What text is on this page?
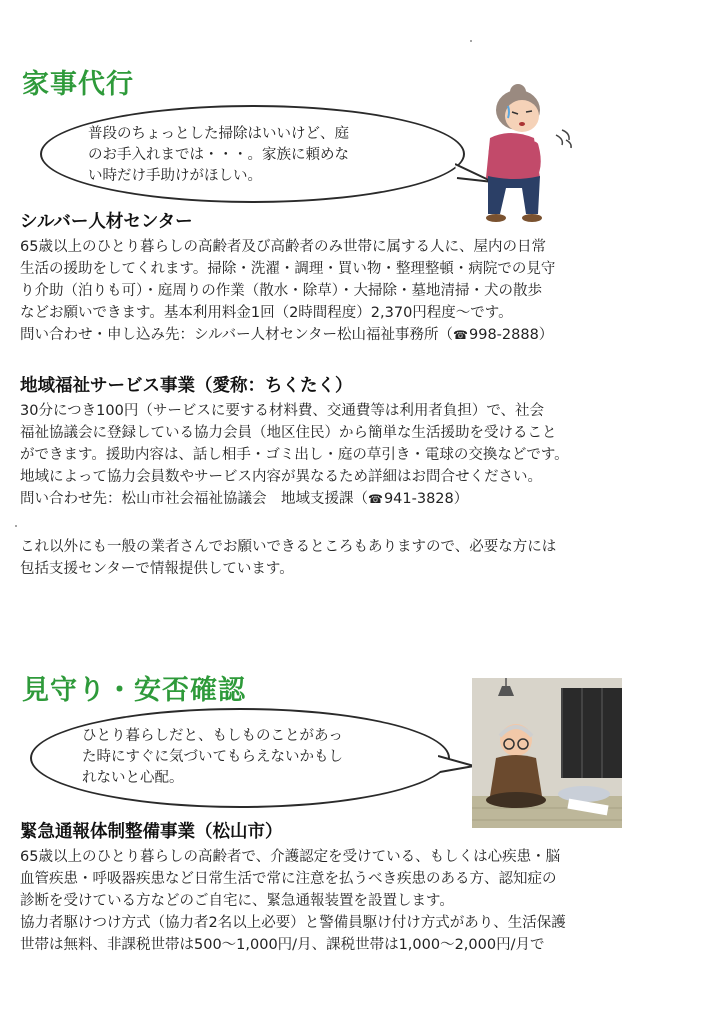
家事代行
普段のちょっとした掃除はいいけど、庭
のお手入れまでは・・・。家族に頼めな
い時だけ手助けがほしい。
シルバー人材センター
65歳以上のひとり暮らしの高齢者及び高齢者のみ世帯に属する人に、屋内の日常
生活の援助をしてくれます。掃除・洗濯・調理・買い物・整理整頓・病院での見守
り介助（泊りも可）・庭周りの作業（散水・除草）・大掃除・墓地清掃・犬の散歩
などお願いできます。基本利用料金1回（2時間程度）2,370円程度～です。
問い合わせ・申し込み先：シルバー人材センター松山福祉事務所（☎998-2888）
地域福祉サービス事業（愛称：ちくたく）
30分につき100円（サービスに要する材料費、交通費等は利用者負担）で、社会
福祉協議会に登録している協力会員（地区住民）から簡単な生活援助を受けること
ができます。援助内容は、話し相手・ゴミ出し・庭の草引き・電球の交換などです。
地域によって協力会員数やサービス内容が異なるため詳細はお問合せください。
問い合わせ先：松山市社会福祉協議会　地域支援課（☎941-3828）
これ以外にも一般の業者さんでお願いできるところもありますので、必要な方には
包括支援センターで情報提供しています。
見守り・安否確認
ひとり暮らしだと、もしものことがあっ
た時にすぐに気づいてもらえないかもし
れないと心配。
緊急通報体制整備事業（松山市）
65歳以上のひとり暮らしの高齢者で、介護認定を受けている、もしくは心疾患・脳
血管疾患・呼吸器疾患など日常生活で常に注意を払うべき疾患のある方、認知症の
診断を受けている方などのご自宅に、緊急通報装置を設置します。
協力者駆けつけ方式（協力者2名以上必要）と警備員駆け付け方式があり、生活保護
世帯は無料、非課税世帯は500～1,000円/月、課税世帯は1,000～2,000円/月で
